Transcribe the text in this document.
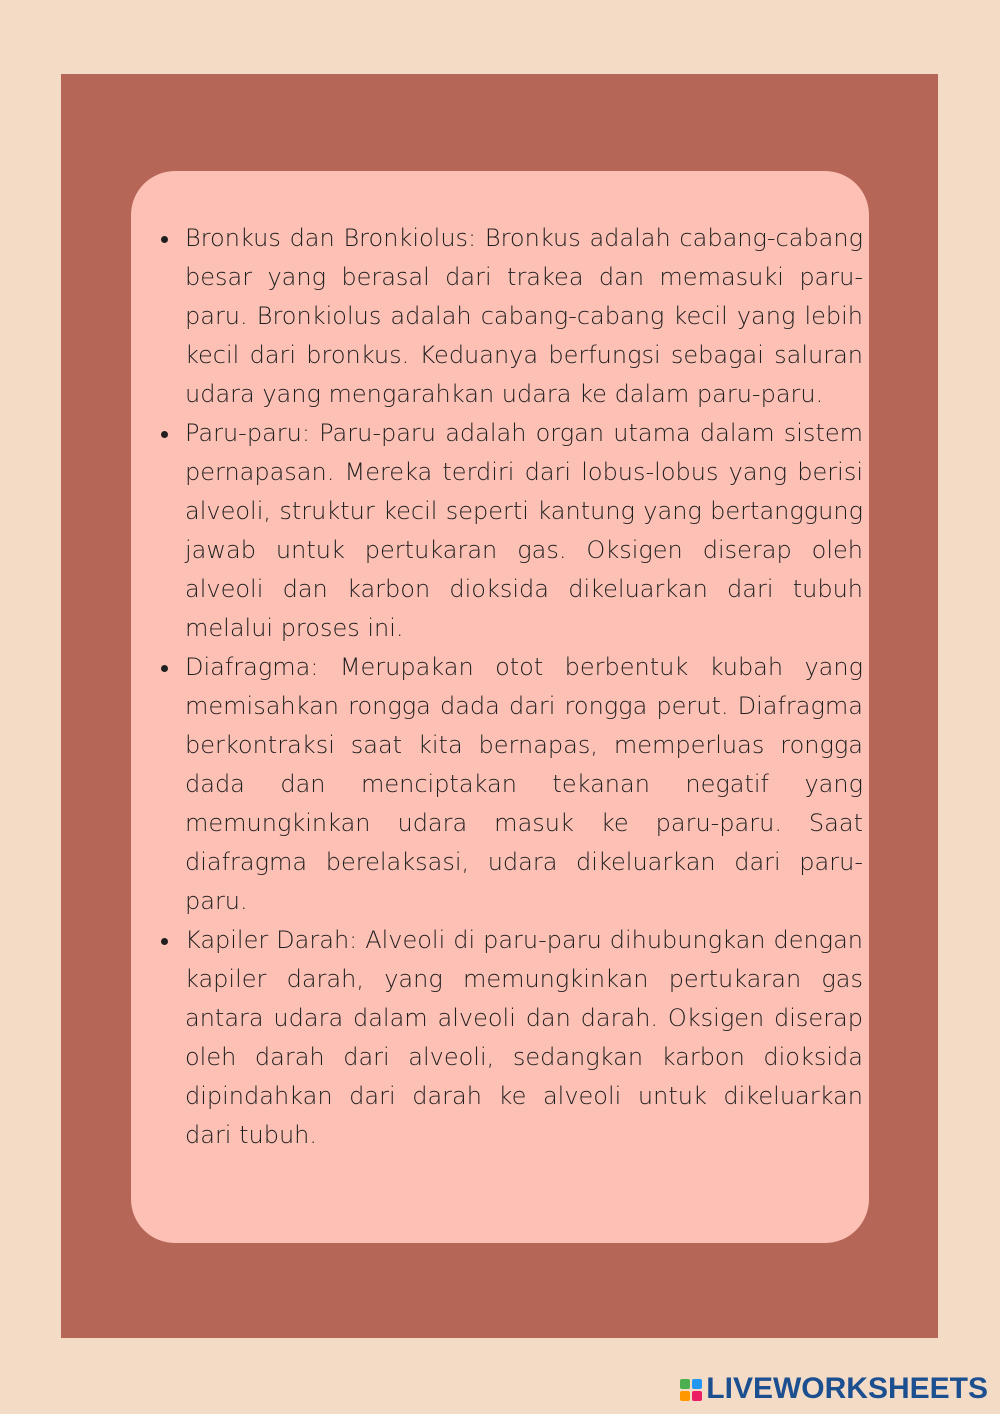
Bronkus dan Bronkiolus: Bronkus adalah cabang-cabang besar yang berasal dari trakea dan memasuki paru-paru. Bronkiolus adalah cabang-cabang kecil yang lebih kecil dari bronkus. Keduanya berfungsi sebagai saluran udara yang mengarahkan udara ke dalam paru-paru.
Paru-paru: Paru-paru adalah organ utama dalam sistem pernapasan. Mereka terdiri dari lobus-lobus yang berisi alveoli, struktur kecil seperti kantung yang bertanggung jawab untuk pertukaran gas. Oksigen diserap oleh alveoli dan karbon dioksida dikeluarkan dari tubuh melalui proses ini.
Diafragma: Merupakan otot berbentuk kubah yang memisahkan rongga dada dari rongga perut. Diafragma berkontraksi saat kita bernapas, memperluas rongga dada dan menciptakan tekanan negatif yang memungkinkan udara masuk ke paru-paru. Saat diafragma berelaksasi, udara dikeluarkan dari paru-paru.
Kapiler Darah: Alveoli di paru-paru dihubungkan dengan kapiler darah, yang memungkinkan pertukaran gas antara udara dalam alveoli dan darah. Oksigen diserap oleh darah dari alveoli, sedangkan karbon dioksida dipindahkan dari darah ke alveoli untuk dikeluarkan dari tubuh.
LIVEWORKSHEETS
